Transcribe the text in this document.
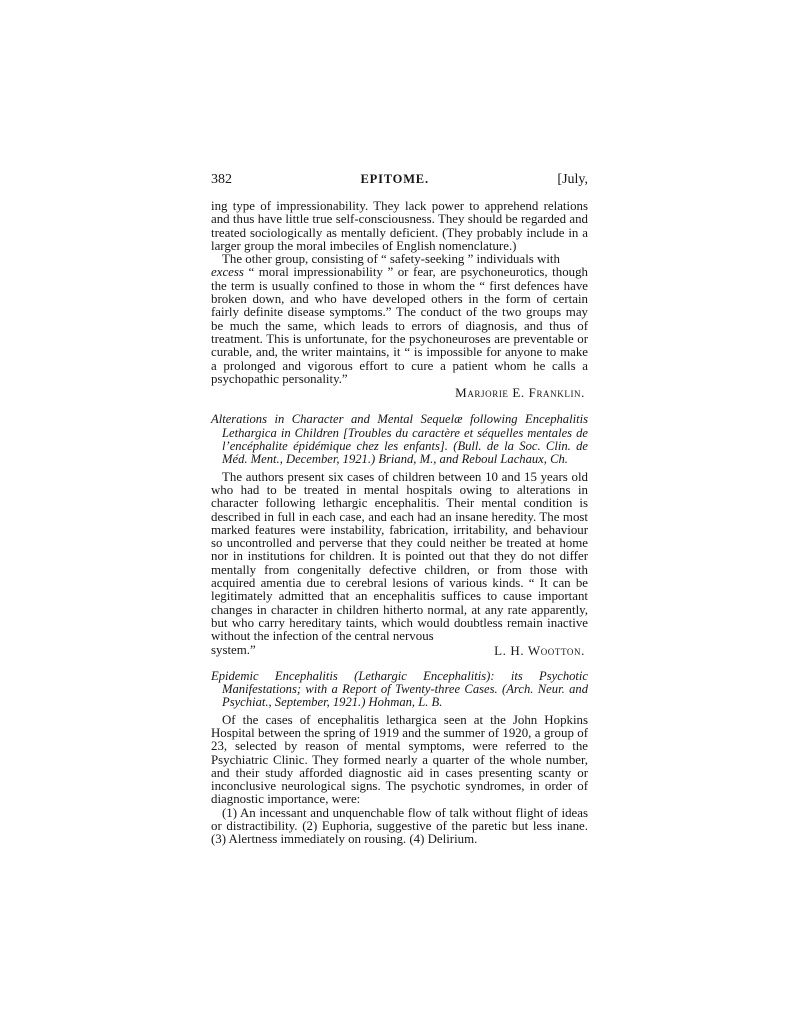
382	EPITOME.	[July,

ing type of impressionability. They lack power to apprehend relations and thus have little true self-consciousness. They should be regarded and treated sociologically as mentally deficient. (They probably include in a larger group the moral imbeciles of English nomenclature.)

The other group, consisting of “ safety-seeking ” individuals with
excess “ moral impressionability ” or fear, are psychoneurotics, though the term is usually confined to those in whom the “ first defences have broken down, and who have developed others in the form of certain fairly definite disease symptoms.” The conduct of the two groups may be much the same, which leads to errors of diagnosis, and thus of treatment. This is unfortunate, for the psychoneuroses are preventable or curable, and, the writer maintains, it “ is impossible for anyone to make a prolonged and vigorous effort to cure a patient whom he calls a psychopathic personality.”

Marjorie E. Franklin.
Alterations in Character and Mental Sequelæ following Encephalitis Lethargica in Children [Troubles du caractère et séquelles mentales de l’encéphalite épidémique chez les enfants]. (Bull. de la Soc. Clin. de Méd. Ment., December, 1921.) Briand, M., and Reboul Lachaux, Ch.

The authors present six cases of children between 10 and 15 years old who had to be treated in mental hospitals owing to alterations in character following lethargic encephalitis. Their mental condition is described in full in each case, and each had an insane heredity. The most marked features were instability, fabrication, irritability, and behaviour so uncontrolled and perverse that they could neither be treated at home nor in institutions for children. It is pointed out that they do not differ mentally from congenitally defective children, or from those with acquired amentia due to cerebral lesions of various kinds. “ It can be legitimately admitted that an encephalitis suffices to cause important changes in character in children hitherto normal, at any rate apparently, but who carry hereditary taints, which would doubtless remain inactive without the infection of the central nervous

system.”	L. H. Wootton.
Epidemic Encephalitis (Lethargic Encephalitis): its Psychotic Manifestations; with a Report of Twenty-three Cases. (Arch. Neur. and Psychiat., September, 1921.) Hohman, L. B.

Of the cases of encephalitis lethargica seen at the John Hopkins Hospital between the spring of 1919 and the summer of 1920, a group of 23, selected by reason of mental symptoms, were referred to the Psychiatric Clinic. They formed nearly a quarter of the whole number, and their study afforded diagnostic aid in cases presenting scanty or inconclusive neurological signs. The psychotic syndromes, in order of diagnostic importance, were:

(1) An incessant and unquenchable flow of talk without flight of ideas or distractibility. (2) Euphoria, suggestive of the paretic but less inane. (3) Alertness immediately on rousing. (4) Delirium.
